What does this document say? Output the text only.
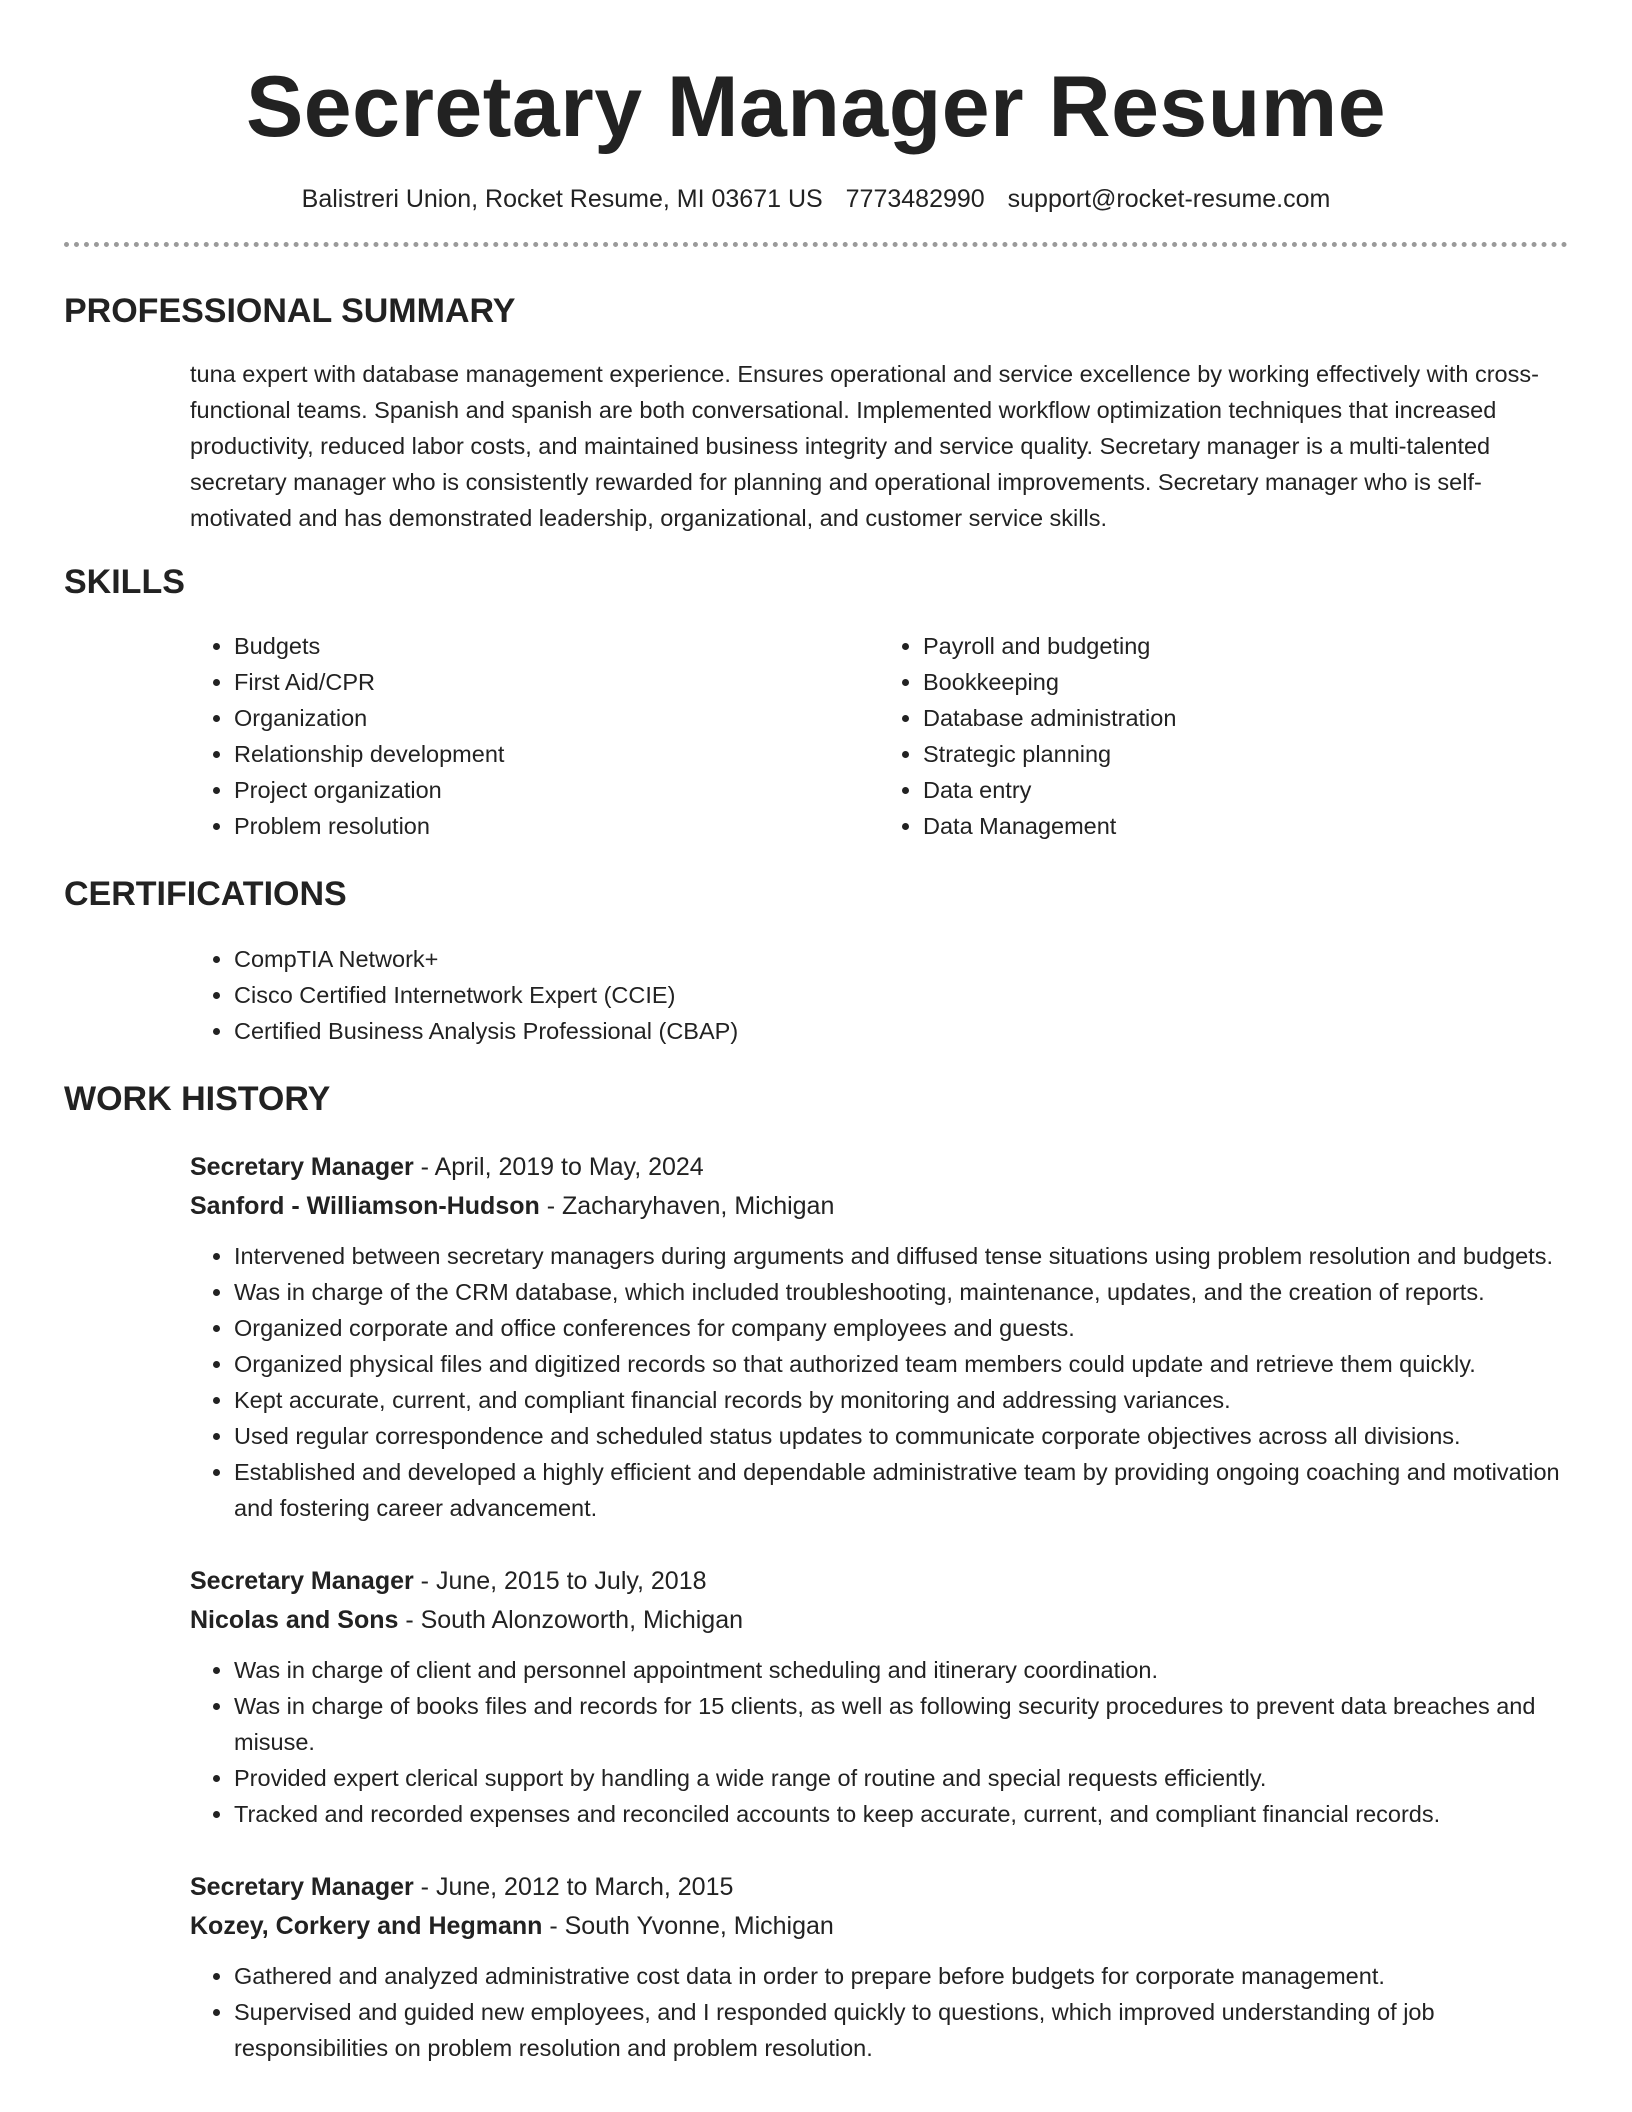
Secretary Manager Resume
Balistreri Union, Rocket Resume, MI 03671 US 7773482990 support@rocket-resume.com
PROFESSIONAL SUMMARY

tuna expert with database management experience. Ensures operational and service excellence by working effectively with cross-functional teams. Spanish and spanish are both conversational. Implemented workflow optimization techniques that increased productivity, reduced labor costs, and maintained business integrity and service quality. Secretary manager is a multi-talented secretary manager who is consistently rewarded for planning and operational improvements. Secretary manager who is self-motivated and has demonstrated leadership, organizational, and customer service skills.

SKILLS
• Budgets
• First Aid/CPR
• Organization
• Relationship development
• Project organization
• Problem resolution
• Payroll and budgeting
• Bookkeeping
• Database administration
• Strategic planning
• Data entry
• Data Management
CERTIFICATIONS
• CompTIA Network+
• Cisco Certified Internetwork Expert (CCIE)
• Certified Business Analysis Professional (CBAP)
WORK HISTORY
Secretary Manager - April, 2019 to May, 2024
Sanford - Williamson-Hudson - Zacharyhaven, Michigan
• Intervened between secretary managers during arguments and diffused tense situations using problem resolution and budgets.
• Was in charge of the CRM database, which included troubleshooting, maintenance, updates, and the creation of reports.
• Organized corporate and office conferences for company employees and guests.
• Organized physical files and digitized records so that authorized team members could update and retrieve them quickly.
• Kept accurate, current, and compliant financial records by monitoring and addressing variances.
• Used regular correspondence and scheduled status updates to communicate corporate objectives across all divisions.
• Established and developed a highly efficient and dependable administrative team by providing ongoing coaching and motivation and fostering career advancement.
Secretary Manager - June, 2015 to July, 2018
Nicolas and Sons - South Alonzoworth, Michigan
• Was in charge of client and personnel appointment scheduling and itinerary coordination.
• Was in charge of books files and records for 15 clients, as well as following security procedures to prevent data breaches and misuse.
• Provided expert clerical support by handling a wide range of routine and special requests efficiently.
• Tracked and recorded expenses and reconciled accounts to keep accurate, current, and compliant financial records.
Secretary Manager - June, 2012 to March, 2015
Kozey, Corkery and Hegmann - South Yvonne, Michigan
• Gathered and analyzed administrative cost data in order to prepare before budgets for corporate management.
• Supervised and guided new employees, and I responded quickly to questions, which improved understanding of job responsibilities on problem resolution and problem resolution.
